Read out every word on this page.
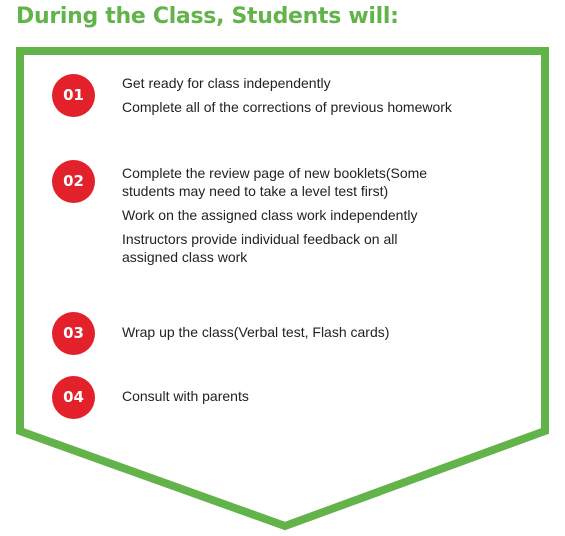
During the Class, Students will:
01
Get ready for class independently
Complete all of the corrections of previous homework
02	Complete the review page of new booklets(Some students may need to take a level test first)
Work on the assigned class work independently
Instructors provide individual feedback on all assigned class work
03	Wrap up the class(Verbal test, Flash cards)
04	Consult with parents
